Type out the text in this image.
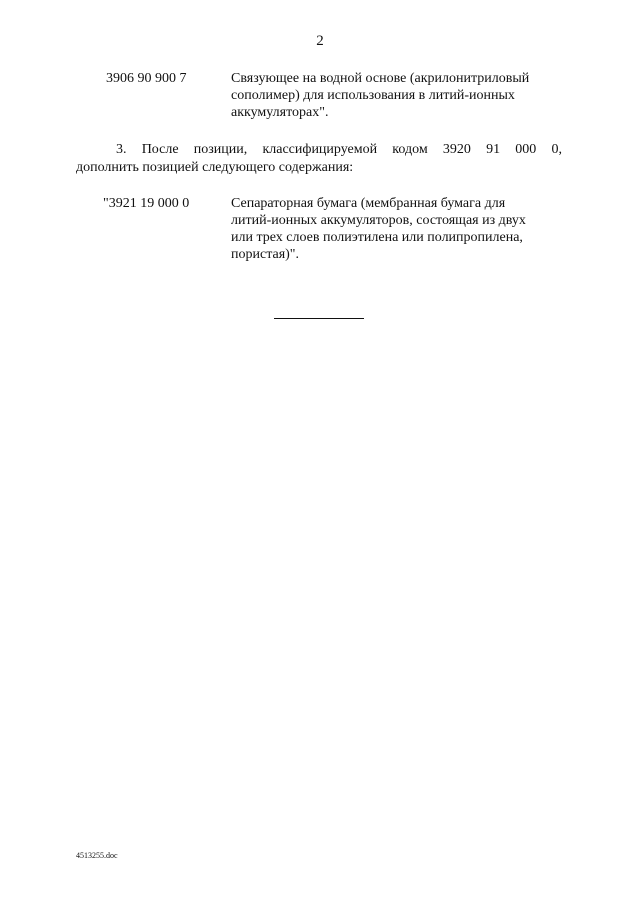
2
3906 90 900 7	Связующее на водной основе (акрилонитриловый
сополимер) для использования в литий-ионных
аккумуляторах".
3. После позиции, классифицируемой кодом 3920 91 000 0,
дополнить позицией следующего содержания:
"3921 19 000 0	Сепараторная бумага (мембранная бумага для
литий-ионных аккумуляторов, состоящая из двух
или трех слоев полиэтилена или полипропилена,
пористая)".
4513255.doc
